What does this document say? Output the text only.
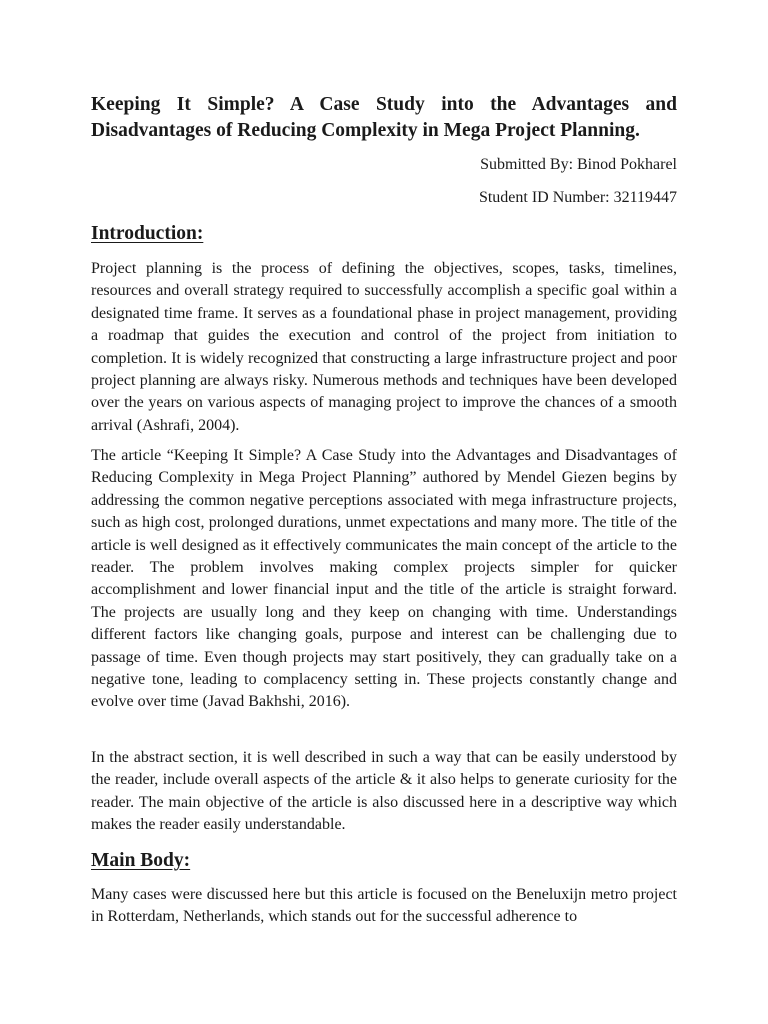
Keeping It Simple? A Case Study into the Advantages and Disadvantages of Reducing Complexity in Mega Project Planning.

Submitted By: Binod Pokharel

Student ID Number: 32119447

Introduction:

Project planning is the process of defining the objectives, scopes, tasks, timelines, resources and overall strategy required to successfully accomplish a specific goal within a designated time frame. It serves as a foundational phase in project management, providing a roadmap that guides the execution and control of the project from initiation to completion. It is widely recognized that constructing a large infrastructure project and poor project planning are always risky. Numerous methods and techniques have been developed over the years on various aspects of managing project to improve the chances of a smooth arrival (Ashrafi, 2004).

The article “Keeping It Simple? A Case Study into the Advantages and Disadvantages of Reducing Complexity in Mega Project Planning” authored by Mendel Giezen begins by addressing the common negative perceptions associated with mega infrastructure projects, such as high cost, prolonged durations, unmet expectations and many more. The title of the article is well designed as it effectively communicates the main concept of the article to the reader. The problem involves making complex projects simpler for quicker accomplishment and lower financial input and the title of the article is straight forward. The projects are usually long and they keep on changing with time. Understandings different factors like changing goals, purpose and interest can be challenging due to passage of time. Even though projects may start positively, they can gradually take on a negative tone, leading to complacency setting in. These projects constantly change and evolve over time (Javad Bakhshi, 2016).

In the abstract section, it is well described in such a way that can be easily understood by the reader, include overall aspects of the article & it also helps to generate curiosity for the reader. The main objective of the article is also discussed here in a descriptive way which makes the reader easily understandable.

Main Body:

Many cases were discussed here but this article is focused on the Beneluxijn metro project in Rotterdam, Netherlands, which stands out for the successful adherence to
